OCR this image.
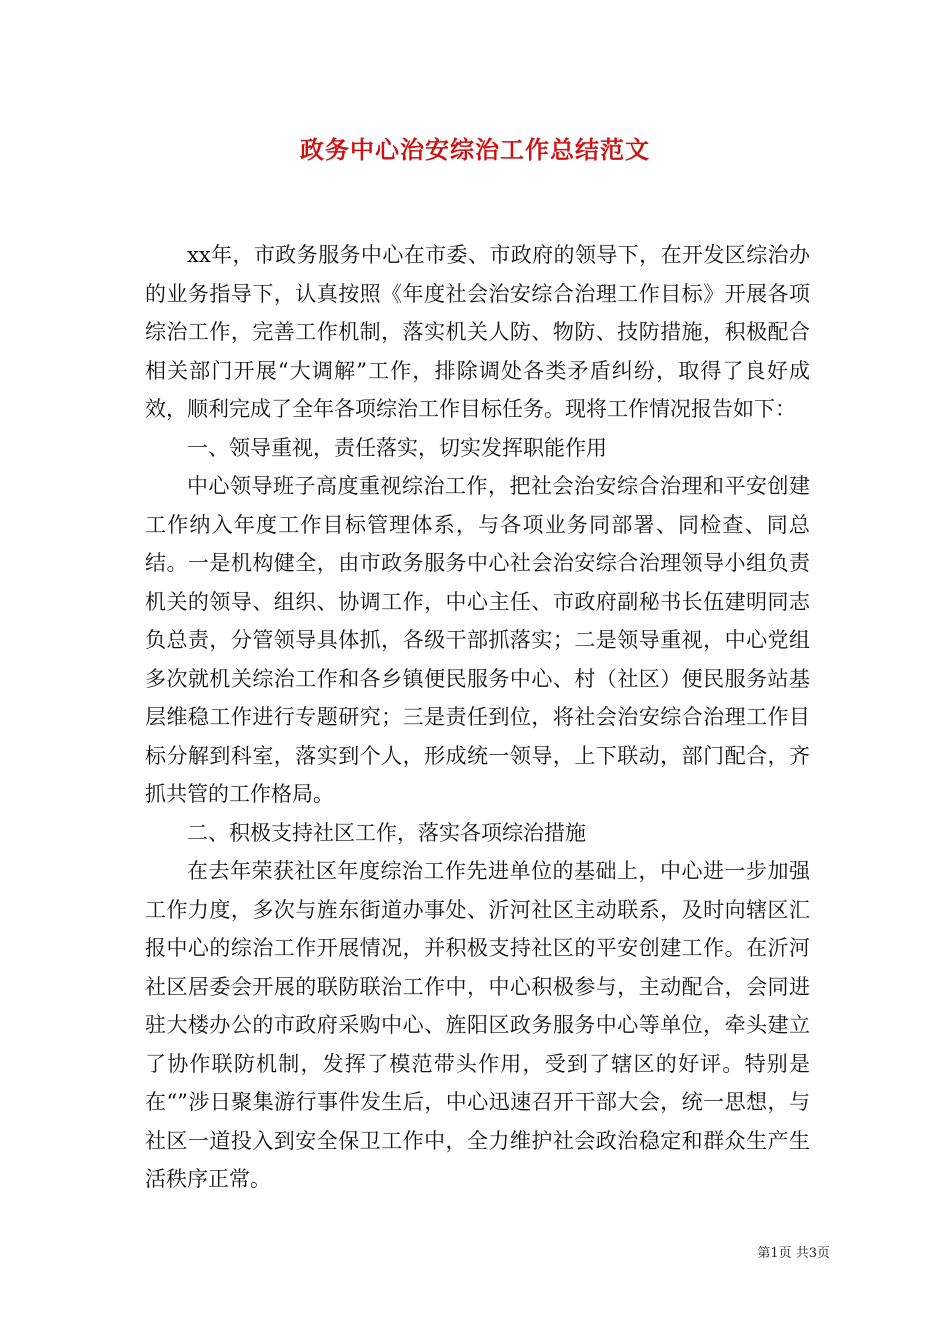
政务中心治安综治工作总结范文

xx年，市政务服务中心在市委、市政府的领导下，在开发区综治办的业务指导下，认真按照《年度社会治安综合治理工作目标》开展各项综治工作，完善工作机制，落实机关人防、物防、技防措施，积极配合相关部门开展“大调解”工作，排除调处各类矛盾纠纷，取得了良好成效，顺利完成了全年各项综治工作目标任务。现将工作情况报告如下：

一、领导重视，责任落实，切实发挥职能作用

中心领导班子高度重视综治工作，把社会治安综合治理和平安创建工作纳入年度工作目标管理体系，与各项业务同部署、同检查、同总结。一是机构健全，由市政务服务中心社会治安综合治理领导小组负责机关的领导、组织、协调工作，中心主任、市政府副秘书长伍建明同志负总责，分管领导具体抓，各级干部抓落实；二是领导重视，中心党组多次就机关综治工作和各乡镇便民服务中心、村（社区）便民服务站基层维稳工作进行专题研究；三是责任到位，将社会治安综合治理工作目标分解到科室，落实到个人，形成统一领导，上下联动，部门配合，齐抓共管的工作格局。

二、积极支持社区工作，落实各项综治措施

在去年荣获社区年度综治工作先进单位的基础上，中心进一步加强工作力度，多次与旌东街道办事处、沂河社区主动联系，及时向辖区汇报中心的综治工作开展情况，并积极支持社区的平安创建工作。在沂河社区居委会开展的联防联治工作中，中心积极参与，主动配合，会同进驻大楼办公的市政府采购中心、旌阳区政务服务中心等单位，牵头建立了协作联防机制，发挥了模范带头作用，受到了辖区的好评。特别是在“”涉日聚集游行事件发生后，中心迅速召开干部大会，统一思想，与社区一道投入到安全保卫工作中，全力维护社会政治稳定和群众生产生活秩序正常。

第1页 共3页
